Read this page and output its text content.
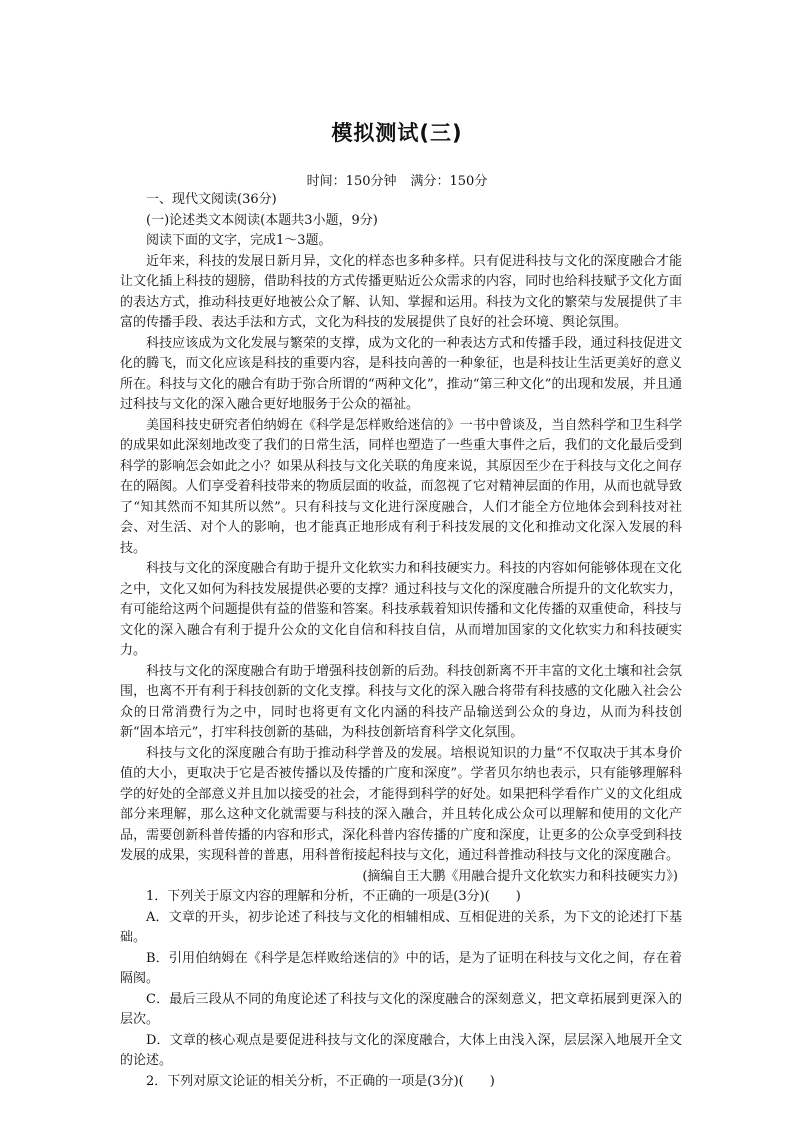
模拟测试(三)
时间：150分钟 满分：150分

一、现代文阅读(36分)

(一)论述类文本阅读(本题共3小题，9分)

阅读下面的文字，完成1～3题。

近年来，科技的发展日新月异，文化的样态也多种多样。只有促进科技与文化的深度融合才能让文化插上科技的翅膀，借助科技的方式传播更贴近公众需求的内容，同时也给科技赋予文化方面的表达方式，推动科技更好地被公众了解、认知、掌握和运用。科技为文化的繁荣与发展提供了丰富的传播手段、表达手法和方式，文化为科技的发展提供了良好的社会环境、舆论氛围。

科技应该成为文化发展与繁荣的支撑，成为文化的一种表达方式和传播手段，通过科技促进文化的腾飞，而文化应该是科技的重要内容，是科技向善的一种象征，也是科技让生活更美好的意义所在。科技与文化的融合有助于弥合所谓的“两种文化”，推动“第三种文化”的出现和发展，并且通过科技与文化的深入融合更好地服务于公众的福祉。

美国科技史研究者伯纳姆在《科学是怎样败给迷信的》一书中曾谈及，当自然科学和卫生科学的成果如此深刻地改变了我们的日常生活，同样也塑造了一些重大事件之后，我们的文化最后受到科学的影响怎会如此之小？如果从科技与文化关联的角度来说，其原因至少在于科技与文化之间存在的隔阂。人们享受着科技带来的物质层面的收益，而忽视了它对精神层面的作用，从而也就导致了“知其然而不知其所以然”。只有科技与文化进行深度融合，人们才能全方位地体会到科技对社会、对生活、对个人的影响，也才能真正地形成有利于科技发展的文化和推动文化深入发展的科技。

科技与文化的深度融合有助于提升文化软实力和科技硬实力。科技的内容如何能够体现在文化之中，文化又如何为科技发展提供必要的支撑？通过科技与文化的深度融合所提升的文化软实力，有可能给这两个问题提供有益的借鉴和答案。科技承载着知识传播和文化传播的双重使命，科技与文化的深入融合有利于提升公众的文化自信和科技自信，从而增加国家的文化软实力和科技硬实力。

科技与文化的深度融合有助于增强科技创新的后劲。科技创新离不开丰富的文化土壤和社会氛围，也离不开有利于科技创新的文化支撑。科技与文化的深入融合将带有科技感的文化融入社会公众的日常消费行为之中，同时也将更有文化内涵的科技产品输送到公众的身边，从而为科技创新“固本培元”，打牢科技创新的基础，为科技创新培育科学文化氛围。

科技与文化的深度融合有助于推动科学普及的发展。培根说知识的力量“不仅取决于其本身价值的大小，更取决于它是否被传播以及传播的广度和深度”。学者贝尔纳也表示，只有能够理解科学的好处的全部意义并且加以接受的社会，才能得到科学的好处。如果把科学看作广义的文化组成部分来理解，那么这种文化就需要与科技的深入融合，并且转化成公众可以理解和使用的文化产品，需要创新科普传播的内容和形式，深化科普内容传播的广度和深度，让更多的公众享受到科技发展的成果，实现科普的普惠，用科普衔接起科技与文化，通过科普推动科技与文化的深度融合。

(摘编自王大鹏《用融合提升文化软实力和科技硬实力》)

1．下列关于原文内容的理解和分析，不正确的一项是(3分)(　　)

A．文章的开头，初步论述了科技与文化的相辅相成、互相促进的关系，为下文的论述打下基础。

B．引用伯纳姆在《科学是怎样败给迷信的》中的话，是为了证明在科技与文化之间，存在着隔阂。

C．最后三段从不同的角度论述了科技与文化的深度融合的深刻意义，把文章拓展到更深入的层次。

D．文章的核心观点是要促进科技与文化的深度融合，大体上由浅入深，层层深入地展开全文的论述。

2．下列对原文论证的相关分析，不正确的一项是(3分)(　　)
